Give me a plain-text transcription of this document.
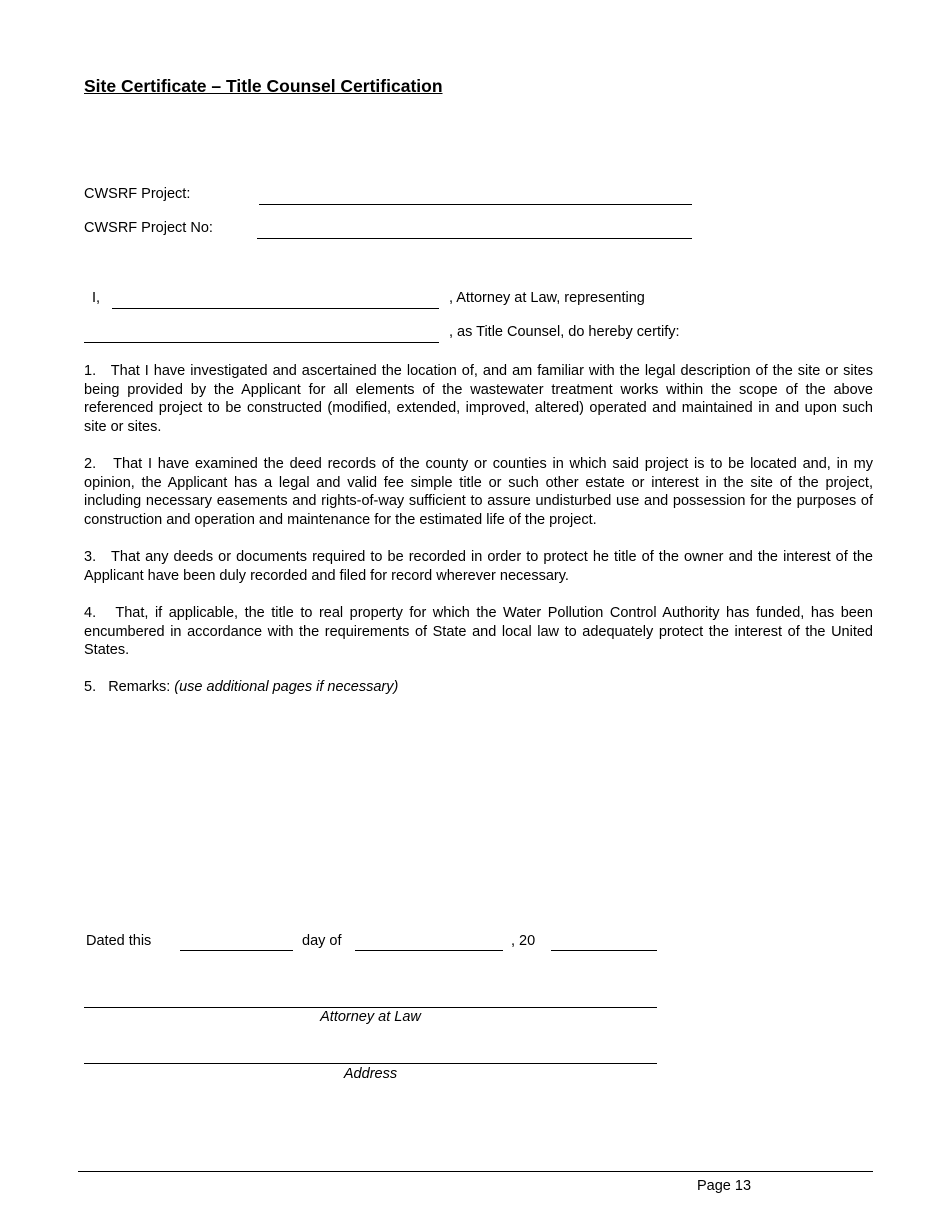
Site Certificate – Title Counsel Certification
CWSRF Project:
CWSRF Project No:
I,	, Attorney at Law, representing
, as Title Counsel, do hereby certify:
1. That I have investigated and ascertained the location of, and am familiar with the legal description of the site or sites being provided by the Applicant for all elements of the wastewater treatment works within the scope of the above referenced project to be constructed (modified, extended, improved, altered) operated and maintained in and upon such site or sites.
2. That I have examined the deed records of the county or counties in which said project is to be located and, in my opinion, the Applicant has a legal and valid fee simple title or such other estate or interest in the site of the project, including necessary easements and rights-of-way sufficient to assure undisturbed use and possession for the purposes of construction and operation and maintenance for the estimated life of the project.
3. That any deeds or documents required to be recorded in order to protect he title of the owner and the interest of the Applicant have been duly recorded and filed for record wherever necessary.
4. That, if applicable, the title to real property for which the Water Pollution Control Authority has funded, has been encumbered in accordance with the requirements of State and local law to adequately protect the interest of the United States.
5. Remarks: (use additional pages if necessary)
Dated this	day of	, 20
Attorney at Law
Address
Page 13
